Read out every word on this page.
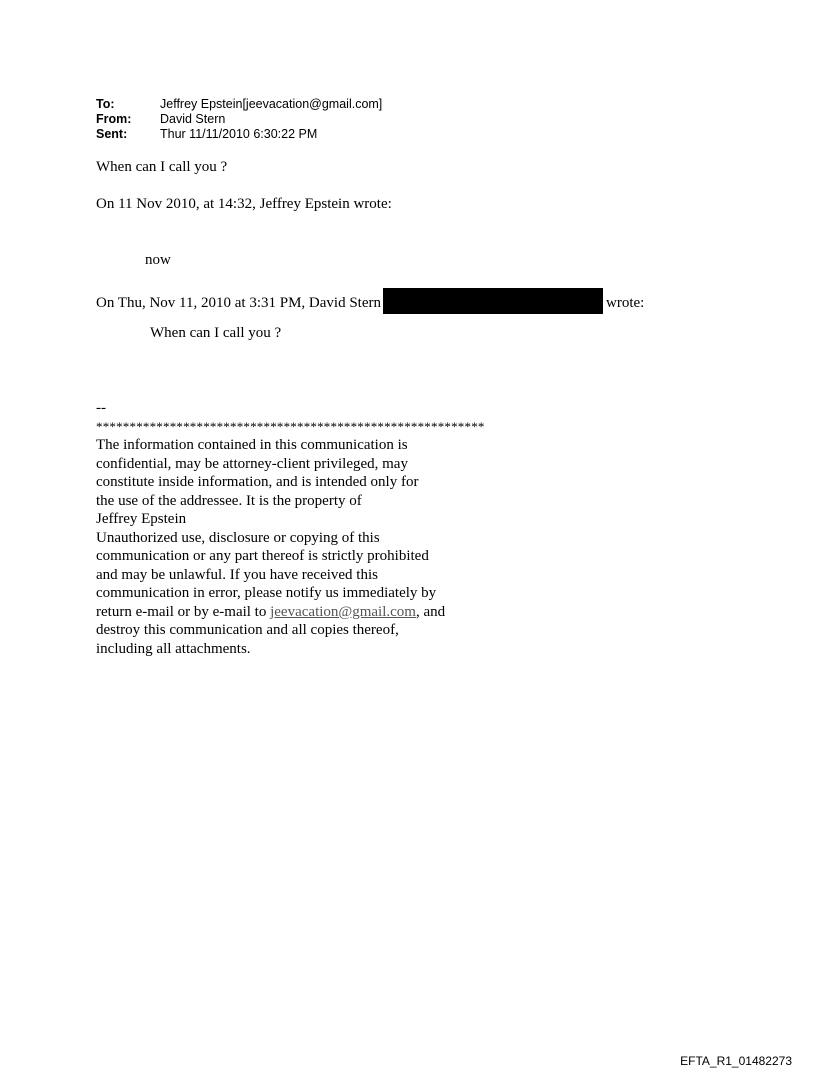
To:	Jeffrey Epstein[jeevacation@gmail.com]
From:	David Stern
Sent:	Thur 11/11/2010 6:30:22 PM
When can I call you ?
On 11 Nov 2010, at 14:32, Jeffrey Epstein wrote:
now
On Thu, Nov 11, 2010 at 3:31 PM, David Stern	wrote:
When can I call you ?
--
**********************************************************
The information contained in this communication is
confidential, may be attorney-client privileged, may
constitute inside information, and is intended only for
the use of the addressee. It is the property of
Jeffrey Epstein
Unauthorized use, disclosure or copying of this
communication or any part thereof is strictly prohibited
and may be unlawful. If you have received this
communication in error, please notify us immediately by
return e-mail or by e-mail to jeevacation@gmail.com, and
destroy this communication and all copies thereof,
including all attachments.
EFTA_R1_01482273
